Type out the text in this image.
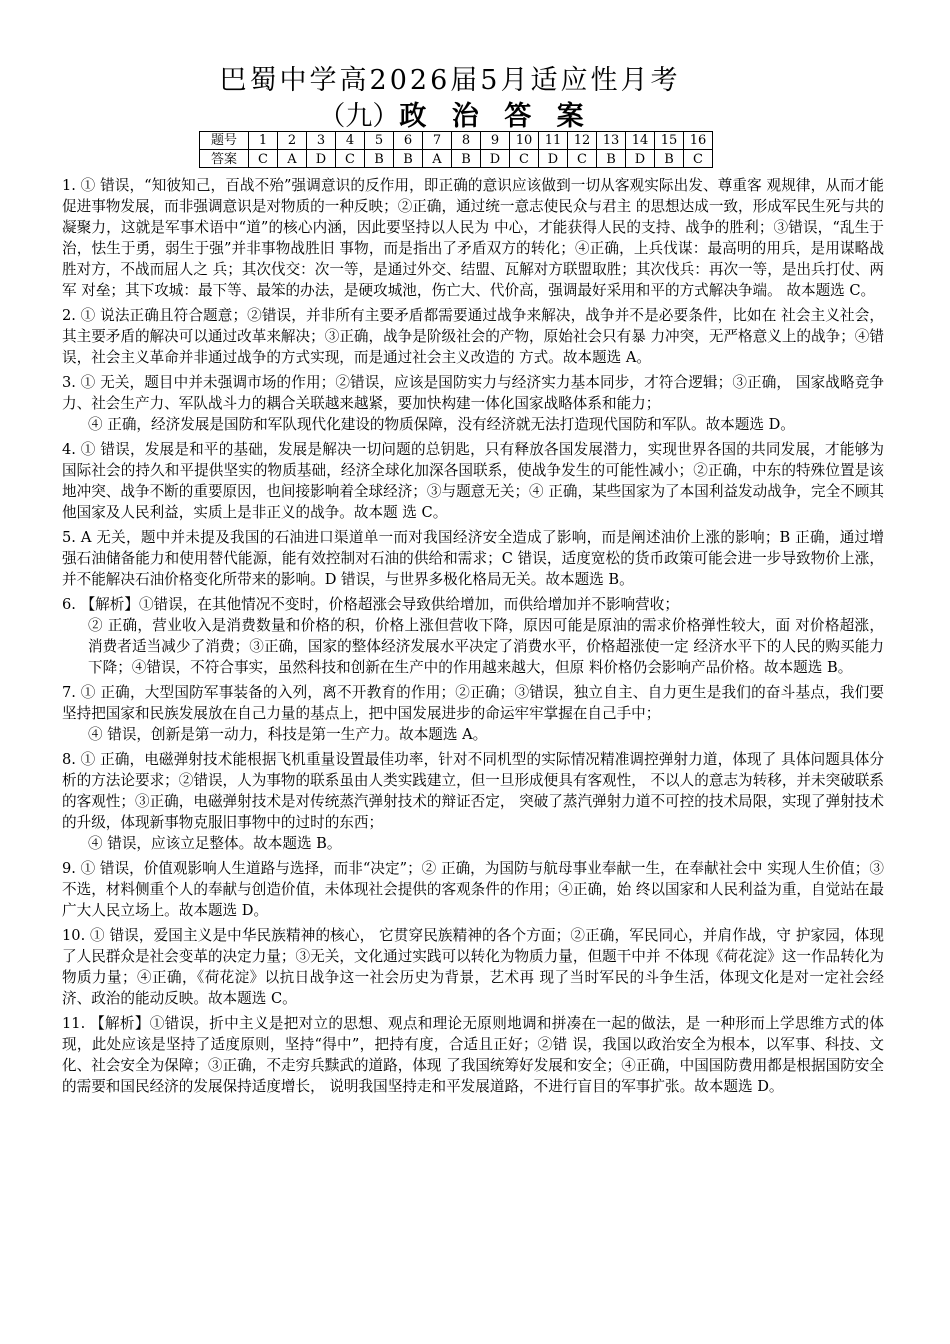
巴蜀中学高2026届5月适应性月考
（九）政 治 答 案
题号	1	2	3	4	5	6	7	8	9	10	11	12	13	14	15	16
答案	C	A	D	C	B	B	A	B	D	C	D	C	B	D	B	C

1. ① 错误，“知彼知己，百战不殆”强调意识的反作用，即正确的意识应该做到一切从客观实际出发、尊重客 观规律，从而才能促进事物发展，而非强调意识是对物质的一种反映；②正确，通过统一意志使民众与君主 的思想达成一致，形成军民生死与共的凝聚力，这就是军事术语中“道”的核心内涵，因此要坚持以人民为 中心，才能获得人民的支持、战争的胜利；③错误，“乱生于治，怯生于勇，弱生于强”并非事物战胜旧 事物，而是指出了矛盾双方的转化；④正确，上兵伐谋：最高明的用兵，是用谋略战胜对方，不战而屈人之 兵；其次伐交：次一等，是通过外交、结盟、瓦解对方联盟取胜；其次伐兵：再次一等，是出兵打仗、两军 对垒；其下攻城：最下等、最笨的办法，是硬攻城池，伤亡大、代价高，强调最好采用和平的方式解决争端。 故本题选 C。

2. ① 说法正确且符合题意；②错误，并非所有主要矛盾都需要通过战争来解决，战争并不是必要条件，比如在 社会主义社会，其主要矛盾的解决可以通过改革来解决；③正确，战争是阶级社会的产物，原始社会只有暴 力冲突，无严格意义上的战争；④错误，社会主义革命并非通过战争的方式实现，而是通过社会主义改造的 方式。故本题选 A。

3. ① 无关，题目中并未强调市场的作用；②错误，应该是国防实力与经济实力基本同步，才符合逻辑；③正确， 国家战略竞争力、社会生产力、军队战斗力的耦合关联越来越紧，要加快构建一体化国家战略体系和能力；

④ 正确，经济发展是国防和军队现代化建设的物质保障，没有经济就无法打造现代国防和军队。故本题选 D。

4. ① 错误，发展是和平的基础，发展是解决一切问题的总钥匙，只有释放各国发展潜力，实现世界各国的共同发展，才能够为国际社会的持久和平提供坚实的物质基础，经济全球化加深各国联系，使战争发生的可能性减小；②正确，中东的特殊位置是该地冲突、战争不断的重要原因，也间接影响着全球经济；③与题意无关；④ 正确，某些国家为了本国利益发动战争，完全不顾其他国家及人民利益，实质上是非正义的战争。故本题 选 C。

5. A 无关，题中并未提及我国的石油进口渠道单一而对我国经济安全造成了影响，而是阐述油价上涨的影响；B 正确，通过增强石油储备能力和使用替代能源，能有效控制对石油的供给和需求；C 错误，适度宽松的货币政策可能会进一步导致物价上涨，并不能解决石油价格变化所带来的影响。D 错误，与世界多极化格局无关。故本题选 B。

6. 【解析】①错误，在其他情况不变时，价格超涨会导致供给增加，而供给增加并不影响营收；

② 正确，营业收入是消费数量和价格的积，价格上涨但营收下降，原因可能是原油的需求价格弹性较大，面 对价格超涨，消费者适当减少了消费；③正确，国家的整体经济发展水平决定了消费水平，价格超涨使一定 经济水平下的人民的购买能力下降；④错误，不符合事实，虽然科技和创新在生产中的作用越来越大，但原 料价格仍会影响产品价格。故本题选 B。

7. ① 正确，大型国防军事装备的入列，离不开教育的作用；②正确；③错误，独立自主、自力更生是我们的奋斗基点，我们要坚持把国家和民族发展放在自己力量的基点上，把中国发展进步的命运牢牢掌握在自己手中；

④ 错误，创新是第一动力，科技是第一生产力。故本题选 A。

8. ① 正确，电磁弹射技术能根据飞机重量设置最佳功率，针对不同机型的实际情况精准调控弹射力道，体现了 具体问题具体分析的方法论要求；②错误，人为事物的联系虽由人类实践建立，但一旦形成便具有客观性， 不以人的意志为转移，并未突破联系的客观性；③正确，电磁弹射技术是对传统蒸汽弹射技术的辩证否定， 突破了蒸汽弹射力道不可控的技术局限，实现了弹射技术的升级，体现新事物克服旧事物中的过时的东西；

④ 错误，应该立足整体。故本题选 B。

9. ① 错误，价值观影响人生道路与选择，而非“决定”；② 正确，为国防与航母事业奉献一生，在奉献社会中 实现人生价值；③不选，材料侧重个人的奉献与创造价值，未体现社会提供的客观条件的作用；④正确，始 终以国家和人民利益为重，自觉站在最广大人民立场上。故本题选 D。

10. ① 错误，爱国主义是中华民族精神的核心， 它贯穿民族精神的各个方面；②正确，军民同心，并肩作战，守 护家园，体现了人民群众是社会变革的决定力量；③无关，文化通过实践可以转化为物质力量，但题干中并 不体现《荷花淀》这一作品转化为物质力量；④正确，《荷花淀》以抗日战争这一社会历史为背景，艺术再 现了当时军民的斗争生活，体现文化是对一定社会经济、政治的能动反映。故本题选 C。

11. 【解析】①错误，折中主义是把对立的思想、观点和理论无原则地调和拼凑在一起的做法，是 一种形而上学思维方式的体现，此处应该是坚持了适度原则，坚持“得中”，把持有度，合适且正好；②错 误，我国以政治安全为根本，以军事、科技、文化、社会安全为保障；③正确，不走穷兵黩武的道路，体现 了我国统筹好发展和安全；④正确，中国国防费用都是根据国防安全的需要和国民经济的发展保持适度增长， 说明我国坚持走和平发展道路，不进行盲目的军事扩张。故本题选 D。
